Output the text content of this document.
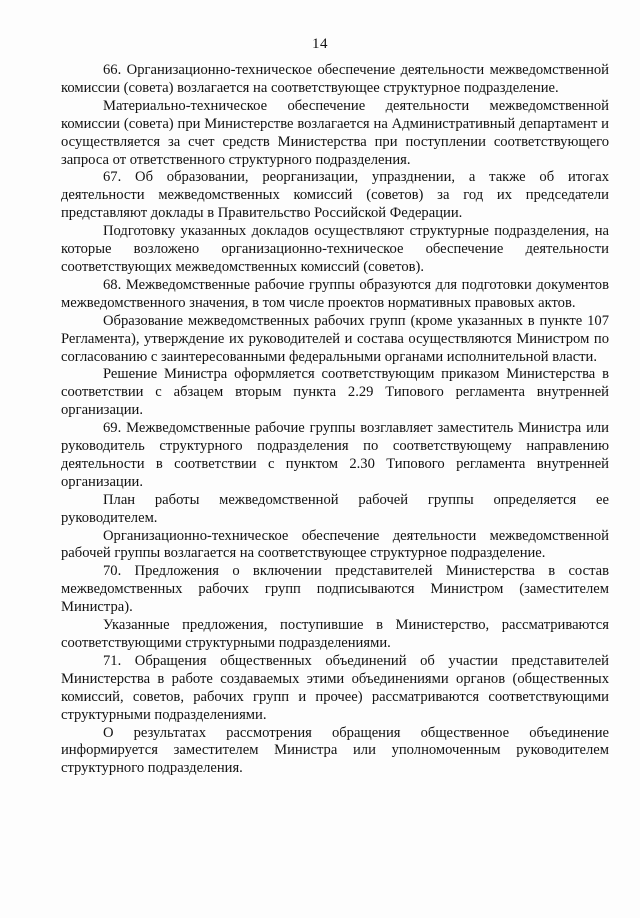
14

66. Организационно-техническое обеспечение деятельности межведомственной комиссии (совета) возлагается на соответствующее структурное подразделение.

Материально-техническое обеспечение деятельности межведомственной комиссии (совета) при Министерстве возлагается на Административный департамент и осуществляется за счет средств Министерства при поступлении соответствующего запроса от ответственного структурного подразделения.

67. Об образовании, реорганизации, упразднении, а также об итогах деятельности межведомственных комиссий (советов) за год их председатели представляют доклады в Правительство Российской Федерации.

Подготовку указанных докладов осуществляют структурные подразделения, на которые возложено организационно-техническое обеспечение деятельности соответствующих межведомственных комиссий (советов).

68. Межведомственные рабочие группы образуются для подготовки документов межведомственного значения, в том числе проектов нормативных правовых актов.

Образование межведомственных рабочих групп (кроме указанных в пункте 107 Регламента), утверждение их руководителей и состава осуществляются Министром по согласованию с заинтересованными федеральными органами исполнительной власти.

Решение Министра оформляется соответствующим приказом Министерства в соответствии с абзацем вторым пункта 2.29 Типового регламента внутренней организации.

69. Межведомственные рабочие группы возглавляет заместитель Министра или руководитель структурного подразделения по соответствующему направлению деятельности в соответствии с пунктом 2.30 Типового регламента внутренней организации.

План работы межведомственной рабочей группы определяется ее руководителем.

Организационно-техническое обеспечение деятельности межведомственной рабочей группы возлагается на соответствующее структурное подразделение.

70. Предложения о включении представителей Министерства в состав межведомственных рабочих групп подписываются Министром (заместителем Министра).

Указанные предложения, поступившие в Министерство, рассматриваются соответствующими структурными подразделениями.

71. Обращения общественных объединений об участии представителей Министерства в работе создаваемых этими объединениями органов (общественных комиссий, советов, рабочих групп и прочее) рассматриваются соответствующими структурными подразделениями.

О результатах рассмотрения обращения общественное объединение информируется заместителем Министра или уполномоченным руководителем структурного подразделения.
